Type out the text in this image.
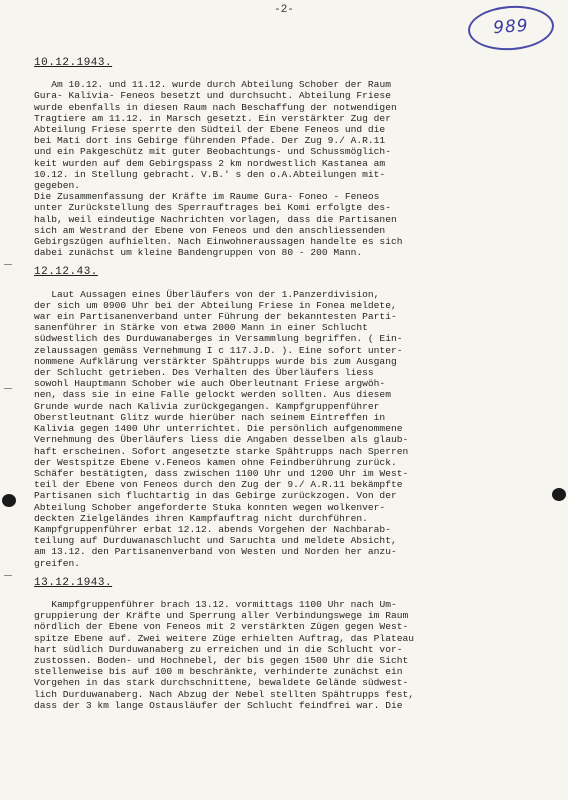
-2-
989
10.12.1943.
Am 10.12. und 11.12. wurde durch Abteilung Schober der Raum
Gura- Kalivia- Feneos besetzt und durchsucht. Abteilung Friese
wurde ebenfalls in diesen Raum nach Beschaffung der notwendigen
Tragtiere am 11.12. in Marsch gesetzt. Ein verstärkter Zug der
Abteilung Friese sperrte den Südteil der Ebene Feneos und die
bei Mati dort ins Gebirge führenden Pfade. Der Zug 9./ A.R.11
und ein Pakgeschütz mit guter Beobachtungs- und Schussmöglich-
keit wurden auf dem Gebirgspass 2 km nordwestlich Kastanea am
10.12. in Stellung gebracht. V.B.' s den o.A.Abteilungen mit-
gegeben.
Die Zusammenfassung der Kräfte im Raume Gura- Foneo - Feneos
unter Zurückstellung des Sperrauftrages bei Komi erfolgte des-
halb, weil eindeutige Nachrichten vorlagen, dass die Partisanen
sich am Westrand der Ebene von Feneos und den anschliessenden
Gebirgszügen aufhielten. Nach Einwohneraussagen handelte es sich
dabei zunächst um kleine Bandengruppen von 80 - 200 Mann.
12.12.43.
Laut Aussagen eines Überläufers von der 1.Panzerdivision,
der sich um 0900 Uhr bei der Abteilung Friese in Fonea meldete,
war ein Partisanenverband unter Führung der bekanntesten Parti-
sanenführer in Stärke von etwa 2000 Mann in einer Schlucht
südwestlich des Durduwanaberges in Versammlung begriffen. ( Ein-
zelaussagen gemäss Vernehmung I c 117.J.D. ). Eine sofort unter-
nommene Aufklärung verstärkter Spähtrupps wurde bis zum Ausgang
der Schlucht getrieben. Des Verhalten des Überläufers liess
sowohl Hauptmann Schober wie auch Oberleutnant Friese argwöh-
nen, dass sie in eine Falle gelockt werden sollten. Aus diesem
Grunde wurde nach Kalivia zurückgegangen. Kampfgruppenführer
Oberstleutnant Glitz wurde hierüber nach seinem Eintreffen in
Kalivia gegen 1400 Uhr unterrichtet. Die persönlich aufgenommene
Vernehmung des Überläufers liess die Angaben desselben als glaub-
haft erscheinen. Sofort angesetzte starke Spähtrupps nach Sperren
der Westspitze Ebene v.Feneos kamen ohne Feindberührung zurück.
Schäfer bestätigten, dass zwischen 1100 Uhr und 1200 Uhr im West-
teil der Ebene von Feneos durch den Zug der 9./ A.R.11 bekämpfte
Partisanen sich fluchtartig in das Gebirge zurückzogen. Von der
Abteilung Schober angeforderte Stuka konnten wegen wolkenver-
deckten Zielgeländes ihren Kampfauftrag nicht durchführen.
Kampfgruppenführer erbat 12.12. abends Vorgehen der Nachbarab-
teilung auf Durduwanaschlucht und Saruchta und meldete Absicht,
am 13.12. den Partisanenverband von Westen und Norden her anzu-
greifen.
13.12.1943.
Kampfgruppenführer brach 13.12. vormittags 1100 Uhr nach Um-
gruppierung der Kräfte und Sperrung aller Verbindungswege im Raum
nördlich der Ebene von Feneos mit 2 verstärkten Zügen gegen West-
spitze Ebene auf. Zwei weitere Züge erhielten Auftrag, das Plateau
hart südlich Durduwanaberg zu erreichen und in die Schlucht vor-
zustossen. Boden- und Hochnebel, der bis gegen 1500 Uhr die Sicht
stellenweise bis auf 100 m beschränkte, verhinderte zunächst ein
Vorgehen in das stark durchschnittene, bewaldete Gelände südwest-
lich Durduwanaberg. Nach Abzug der Nebel stellten Spähtrupps fest,
dass der 3 km lange Ostausläufer der Schlucht feindfrei war. Die
